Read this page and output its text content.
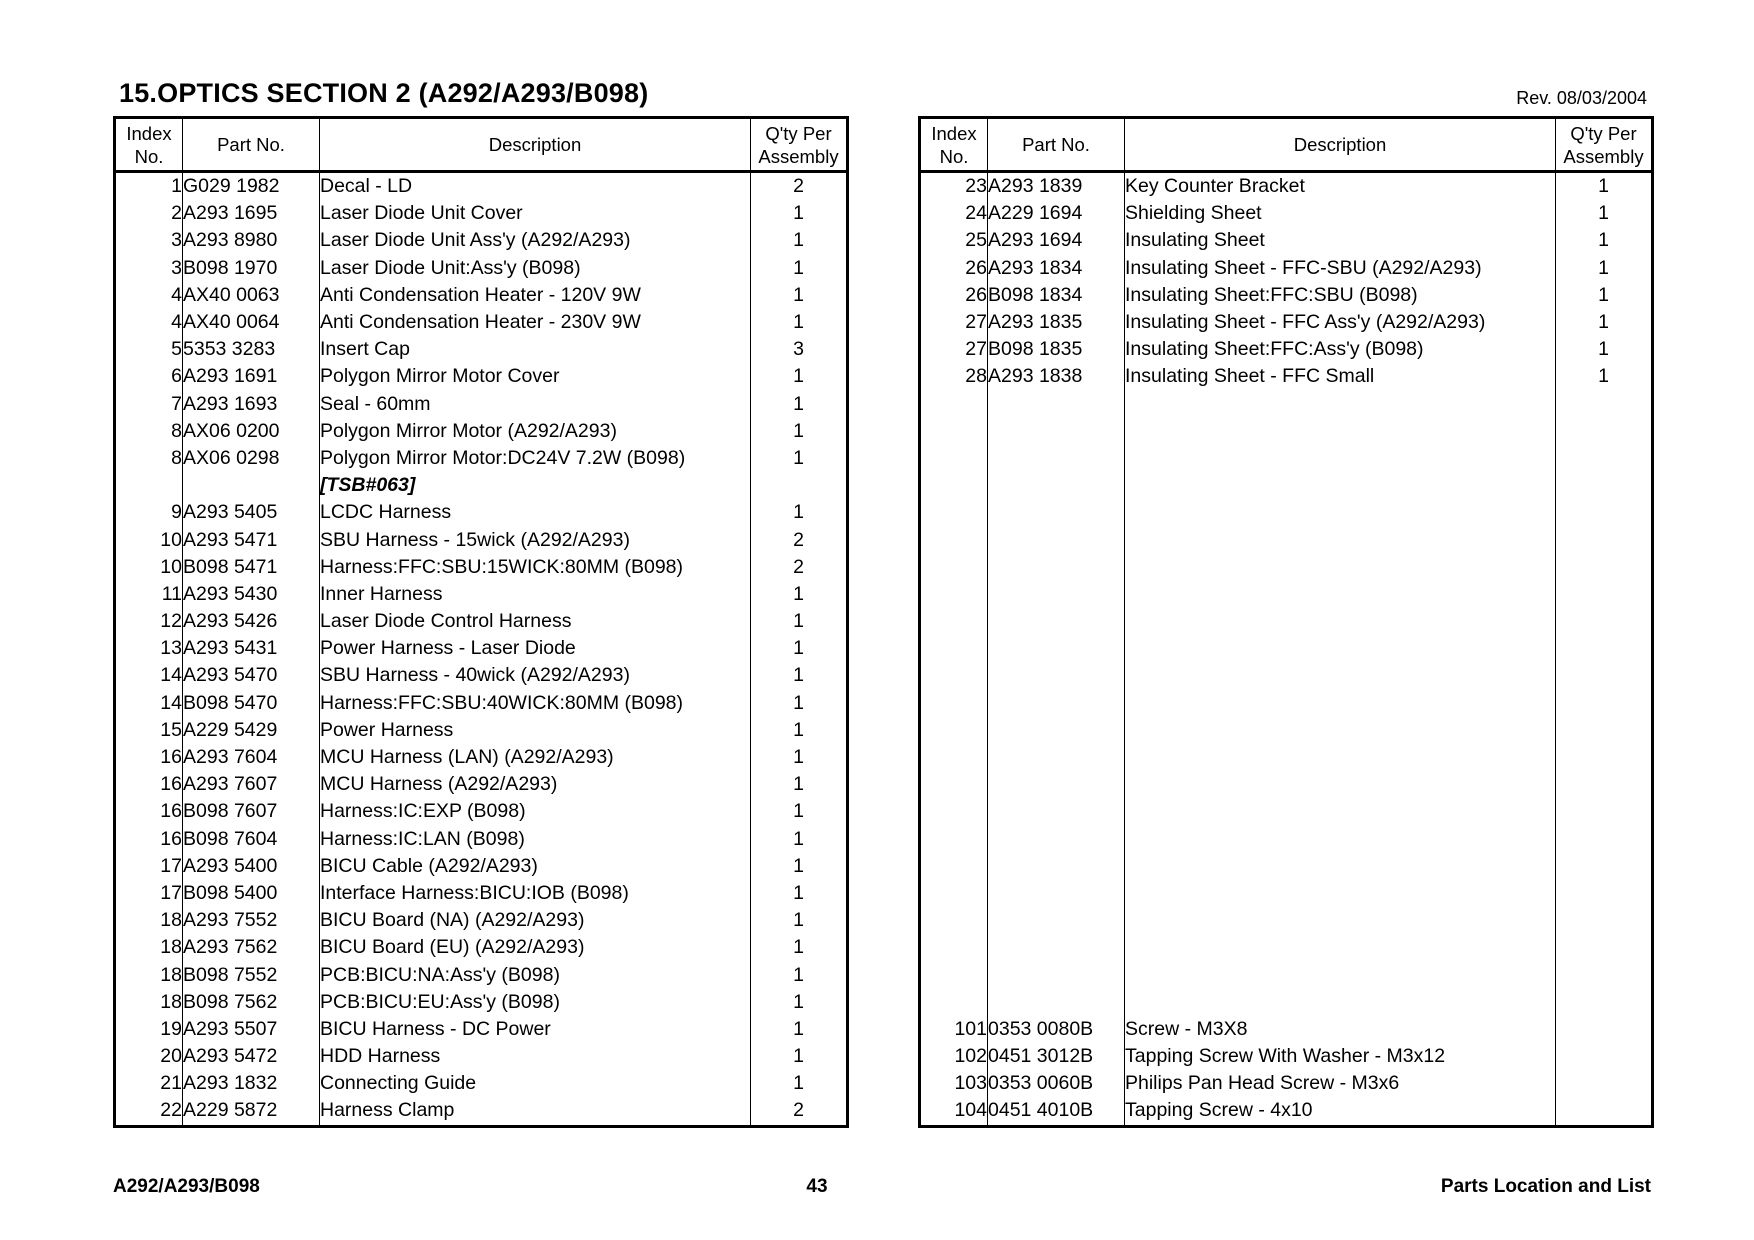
15.OPTICS SECTION 2 (A292/A293/B098)	Rev. 08/03/2004
Index
No.	Part No.	Description	Q'ty Per
Assembly
1	G029 1982	Decal - LD	2
2	A293 1695	Laser Diode Unit Cover	1
3	A293 8980	Laser Diode Unit Ass'y (A292/A293)	1
3	B098 1970	Laser Diode Unit:Ass'y (B098)	1
4	AX40 0063	Anti Condensation Heater - 120V 9W	1
4	AX40 0064	Anti Condensation Heater - 230V 9W	1
5	5353 3283	Insert Cap	3
6	A293 1691	Polygon Mirror Motor Cover	1
7	A293 1693	Seal - 60mm	1
8	AX06 0200	Polygon Mirror Motor (A292/A293)	1
8	AX06 0298	Polygon Mirror Motor:DC24V 7.2W (B098)	1
		[TSB#063]	
9	A293 5405	LCDC Harness	1
10	A293 5471	SBU Harness - 15wick (A292/A293)	2
10	B098 5471	Harness:FFC:SBU:15WICK:80MM (B098)	2
11	A293 5430	Inner Harness	1
12	A293 5426	Laser Diode Control Harness	1
13	A293 5431	Power Harness - Laser Diode	1
14	A293 5470	SBU Harness - 40wick (A292/A293)	1
14	B098 5470	Harness:FFC:SBU:40WICK:80MM (B098)	1
15	A229 5429	Power Harness	1
16	A293 7604	MCU Harness (LAN) (A292/A293)	1
16	A293 7607	MCU Harness (A292/A293)	1
16	B098 7607	Harness:IC:EXP (B098)	1
16	B098 7604	Harness:IC:LAN (B098)	1
17	A293 5400	BICU Cable (A292/A293)	1
17	B098 5400	Interface Harness:BICU:IOB (B098)	1
18	A293 7552	BICU Board (NA) (A292/A293)	1
18	A293 7562	BICU Board (EU) (A292/A293)	1
18	B098 7552	PCB:BICU:NA:Ass'y (B098)	1
18	B098 7562	PCB:BICU:EU:Ass'y (B098)	1
19	A293 5507	BICU Harness - DC Power	1
20	A293 5472	HDD Harness	1
21	A293 1832	Connecting Guide	1
22	A229 5872	Harness Clamp	2
Index
No.	Part No.	Description	Q'ty Per
Assembly
23	A293 1839	Key Counter Bracket	1
24	A229 1694	Shielding Sheet	1
25	A293 1694	Insulating Sheet	1
26	A293 1834	Insulating Sheet - FFC-SBU (A292/A293)	1
26	B098 1834	Insulating Sheet:FFC:SBU (B098)	1
27	A293 1835	Insulating Sheet - FFC Ass'y (A292/A293)	1
27	B098 1835	Insulating Sheet:FFC:Ass'y (B098)	1
28	A293 1838	Insulating Sheet - FFC Small	1

101	0353 0080B	Screw - M3X8	
102	0451 3012B	Tapping Screw With Washer - M3x12	
103	0353 0060B	Philips Pan Head Screw - M3x6	
104	0451 4010B	Tapping Screw - 4x10	
A292/A293/B098	43	Parts Location and List
